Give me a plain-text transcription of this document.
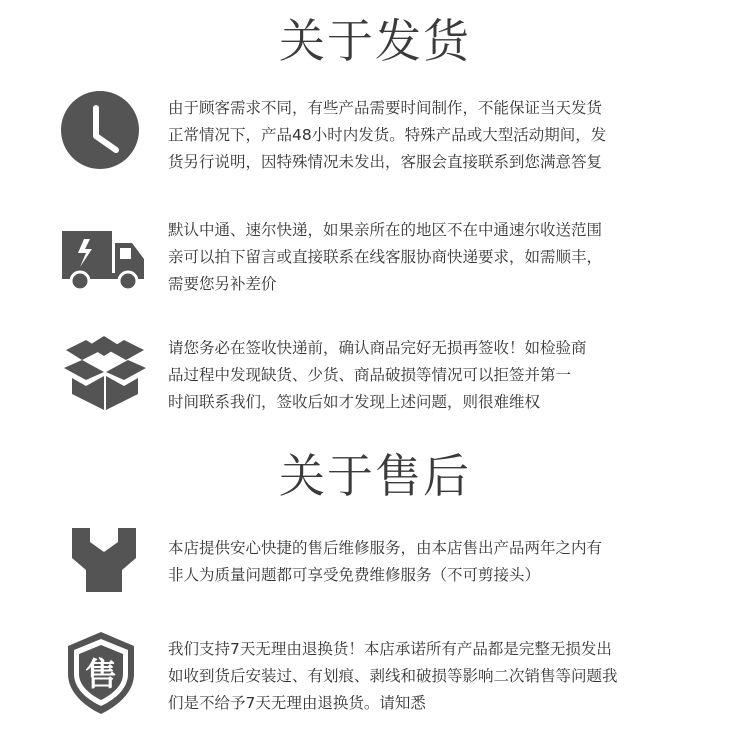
关于发货

由于顾客需求不同，有些产品需要时间制作，不能保证当天发货
正常情况下，产品48小时内发货。特殊产品或大型活动期间，发
货另行说明，因特殊情况未发出，客服会直接联系到您满意答复

默认中通、速尔快递，如果亲所在的地区不在中通速尔收送范围
亲可以拍下留言或直接联系在线客服协商快递要求，如需顺丰，
需要您另补差价

请您务必在签收快递前，确认商品完好无损再签收！如检验商
品过程中发现缺货、少货、商品破损等情况可以拒签并第一
时间联系我们，签收后如才发现上述问题，则很难维权

关于售后

本店提供安心快捷的售后维修服务，由本店售出产品两年之内有
非人为质量问题都可享受免费维修服务（不可剪接头）

售

我们支持7天无理由退换货！本店承诺所有产品都是完整无损发出
如收到货后安装过、有划痕、剥线和破损等影响二次销售等问题我
们是不给予7天无理由退换货。请知悉
